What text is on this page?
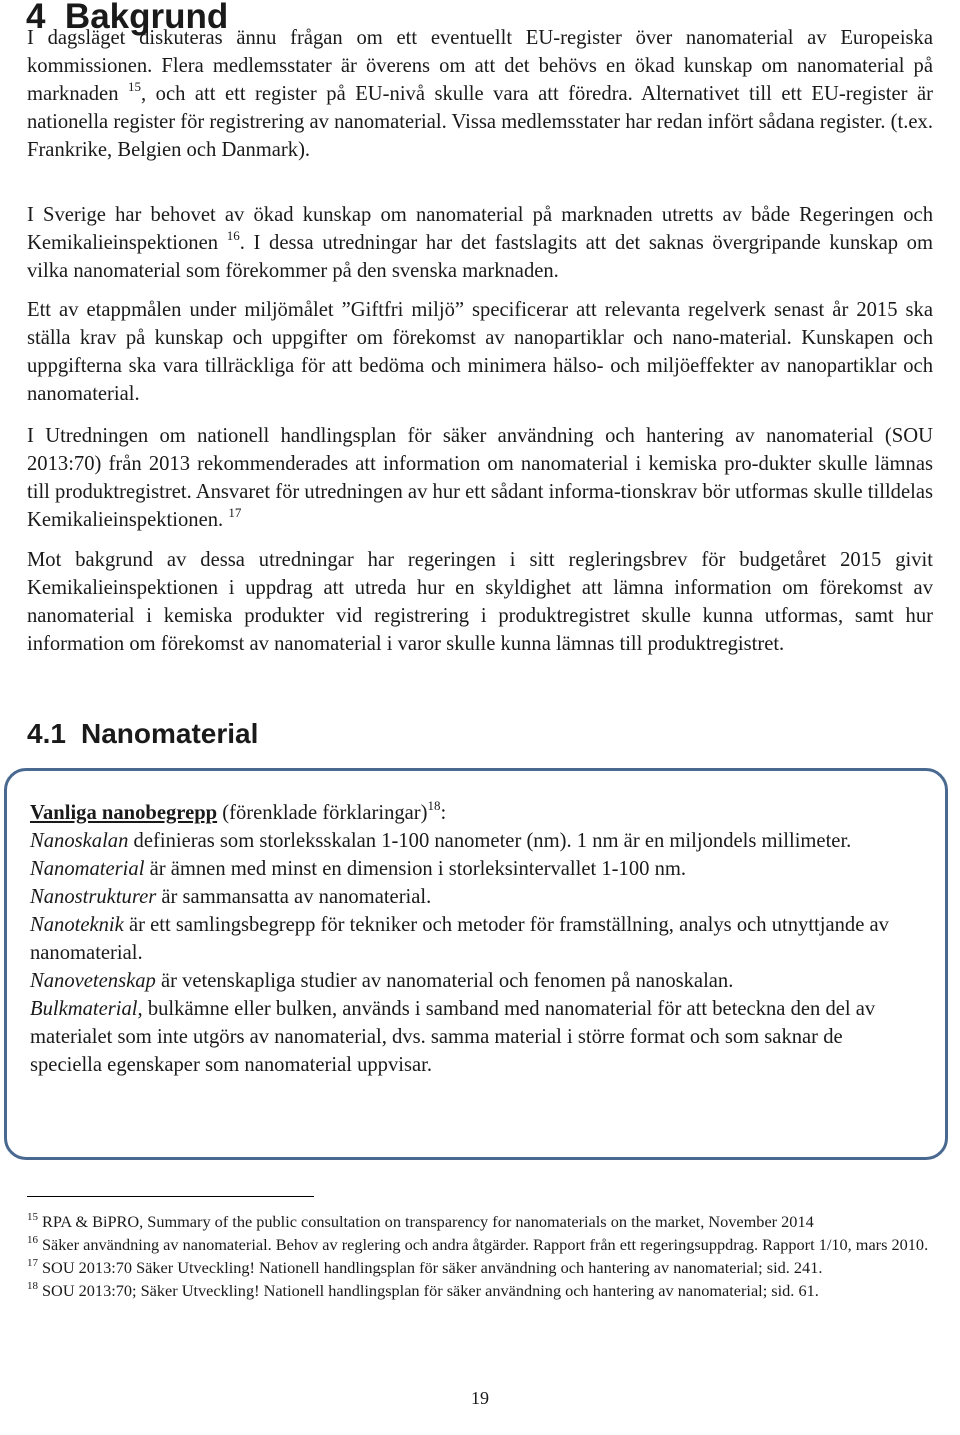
4 Bakgrund

I dagsläget diskuteras ännu frågan om ett eventuellt EU-register över nanomaterial av Europeiska kommissionen. Flera medlemsstater är överens om att det behövs en ökad kunskap om nanomaterial på marknaden $^{15}$, och att ett register på EU-nivå skulle vara att föredra. Alternativet till ett EU-register är nationella register för registrering av nanomaterial. Vissa medlemsstater har redan infört sådana register. (t.ex. Frankrike, Belgien och Danmark).

I Sverige har behovet av ökad kunskap om nanomaterial på marknaden utretts av både Regeringen och Kemikalieinspektionen $^{16}$. I dessa utredningar har det fastslagits att det saknas övergripande kunskap om vilka nanomaterial som förekommer på den svenska marknaden.

Ett av etappmålen under miljömålet ”Giftfri miljö” specificerar att relevanta regelverk senast år 2015 ska ställa krav på kunskap och uppgifter om förekomst av nanopartiklar och nano-material. Kunskapen och uppgifterna ska vara tillräckliga för att bedöma och minimera hälso- och miljöeffekter av nanopartiklar och nanomaterial.

I Utredningen om nationell handlingsplan för säker användning och hantering av nanomaterial (SOU 2013:70) från 2013 rekommenderades att information om nanomaterial i kemiska pro-dukter skulle lämnas till produktregistret. Ansvaret för utredningen av hur ett sådant informa-tionskrav bör utformas skulle tilldelas Kemikalieinspektionen. $^{17}$

Mot bakgrund av dessa utredningar har regeringen i sitt regleringsbrev för budgetåret 2015 givit Kemikalieinspektionen i uppdrag att utreda hur en skyldighet att lämna information om förekomst av nanomaterial i kemiska produkter vid registrering i produktregistret skulle kunna utformas, samt hur information om förekomst av nanomaterial i varor skulle kunna lämnas till produktregistret.

4.1 Nanomaterial

Vanliga nanobegrepp (förenklade förklaringar)$^{18}$:

Nanoskalan definieras som storleksskalan 1-100 nanometer (nm). 1 nm är en miljondels millimeter.

Nanomaterial är ämnen med minst en dimension i storleksintervallet 1-100 nm.

Nanostrukturer är sammansatta av nanomaterial.

Nanoteknik är ett samlingsbegrepp för tekniker och metoder för framställning, analys och utnyttjande av nanomaterial.

Nanovetenskap är vetenskapliga studier av nanomaterial och fenomen på nanoskalan.

Bulkmaterial, bulkämne eller bulken, används i samband med nanomaterial för att beteckna den del av materialet som inte utgörs av nanomaterial, dvs. samma material i större format och som saknar de speciella egenskaper som nanomaterial uppvisar.

$^{15}$ RPA & BiPRO, Summary of the public consultation on transparency for nanomaterials on the market, November 2014

$^{16}$ Säker användning av nanomaterial. Behov av reglering och andra åtgärder. Rapport från ett regeringsuppdrag. Rapport 1/10, mars 2010.

$^{17}$ SOU 2013:70 Säker Utveckling! Nationell handlingsplan för säker användning och hantering av nanomaterial; sid. 241.

$^{18}$ SOU 2013:70; Säker Utveckling! Nationell handlingsplan för säker användning och hantering av nanomaterial; sid. 61.

19
